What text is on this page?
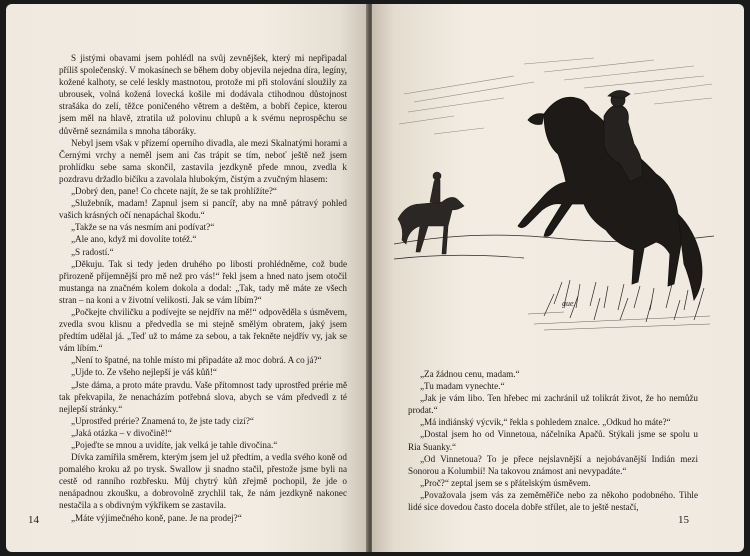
S jistými obavami jsem pohlédl na svůj zevnějšek, který mi nepřipadal příliš společenský. V mokasínech se během doby objevila nejedna díra, legíny, kožené kalhoty, se celé leskly mastnotou, protože mi při stolování sloužily za ubrousek, volná kožená lovecká košile mi dodávala ctihodnou důstojnost strašáka do zelí, těžce poničeného větrem a deštěm, a bobří čepice, kterou jsem měl na hlavě, ztratila už polovinu chlupů a k svému neprospěchu se důvěrně seznámila s mnoha táboráky.

Nebyl jsem však v přízemí operního divadla, ale mezi Skalnatými horami a Černými vrchy a neměl jsem ani čas trápit se tím, neboť ještě než jsem prohlídku sebe sama skončil, zastavila jezdkyně přede mnou, zvedla k pozdravu držadlo bičíku a zavolala hlubokým, čistým a zvučným hlasem:

„Dobrý den, pane! Co chcete najít, že se tak prohlížíte?“

„Služebník, madam! Zapnul jsem si pancíř, aby na mně pátravý pohled vašich krásných očí nenapáchal škodu.“

„Takže se na vás nesmím ani podívat?“

„Ale ano, když mi dovolíte totéž.“

„S radostí.“

„Děkuju. Tak si tedy jeden druhého po libosti prohlédněme, což bude přirozeně příjemnější pro mě než pro vás!“ řekl jsem a hned nato jsem otočil mustanga na značném kolem dokola a dodal: „Tak, tady mě máte ze všech stran – na koni a v životní velikosti. Jak se vám líbím?“

„Počkejte chviličku a podívejte se nejdřív na mě!“ odpověděla s úsměvem, zvedla svou klisnu a předvedla se mi stejně smělým obratem, jaký jsem předtím udělal já. „Teď už to máme za sebou, a tak řekněte nejdřív vy, jak se vám líbím.“

„Není to špatné, na tohle místo mi připadáte až moc dobrá. A co já?“

„Ujde to. Ze všeho nejlepší je váš kůň!“

„Jste dáma, a proto máte pravdu. Vaše přítomnost tady uprostřed prérie mě tak překvapila, že nenacházím potřebná slova, abych se vám předvedl z té nejlepší stránky.“

„Uprostřed prérie? Znamená to, že jste tady cizí?“

„Jaká otázka – v divočině!“

„Pojeďte se mnou a uvidíte, jak velká je tahle divočina.“

Dívka zamířila směrem, kterým jsem jel už předtím, a vedla svého koně od pomalého kroku až po trysk. Swallow ji snadno stačil, přestože jsme byli na cestě od ranního rozbřesku. Můj chytrý kůň zřejmě pochopil, že jde o nenápadnou zkoušku, a dobrovolně zrychlil tak, že nám jezdkyně nakonec nestačila a s obdivným výkřikem se zastavila.

„Máte výjimečného koně, pane. Je na prodej?“

14
gue.

„Za žádnou cenu, madam.“

„Tu madam vynechte.“

„Jak je vám libo. Ten hřebec mi zachránil už tolikrát život, že ho nemůžu prodat.“

„Má indiánský výcvik,“ řekla s pohledem znalce. „Odkud ho máte?“

„Dostal jsem ho od Vinnetoua, náčelníka Apačů. Stýkali jsme se spolu u Ria Suanky.“

„Od Vinnetoua? To je přece nejslavnější a nejobávanější Indián mezi Sonorou a Kolumbií! Na takovou známost ani nevypadáte.“

„Proč?“ zeptal jsem se s přátelským úsměvem.

„Považovala jsem vás za zeměměřiče nebo za někoho podobného. Tihle lidé sice dovedou často docela dobře střílet, ale to ještě nestačí,

15
